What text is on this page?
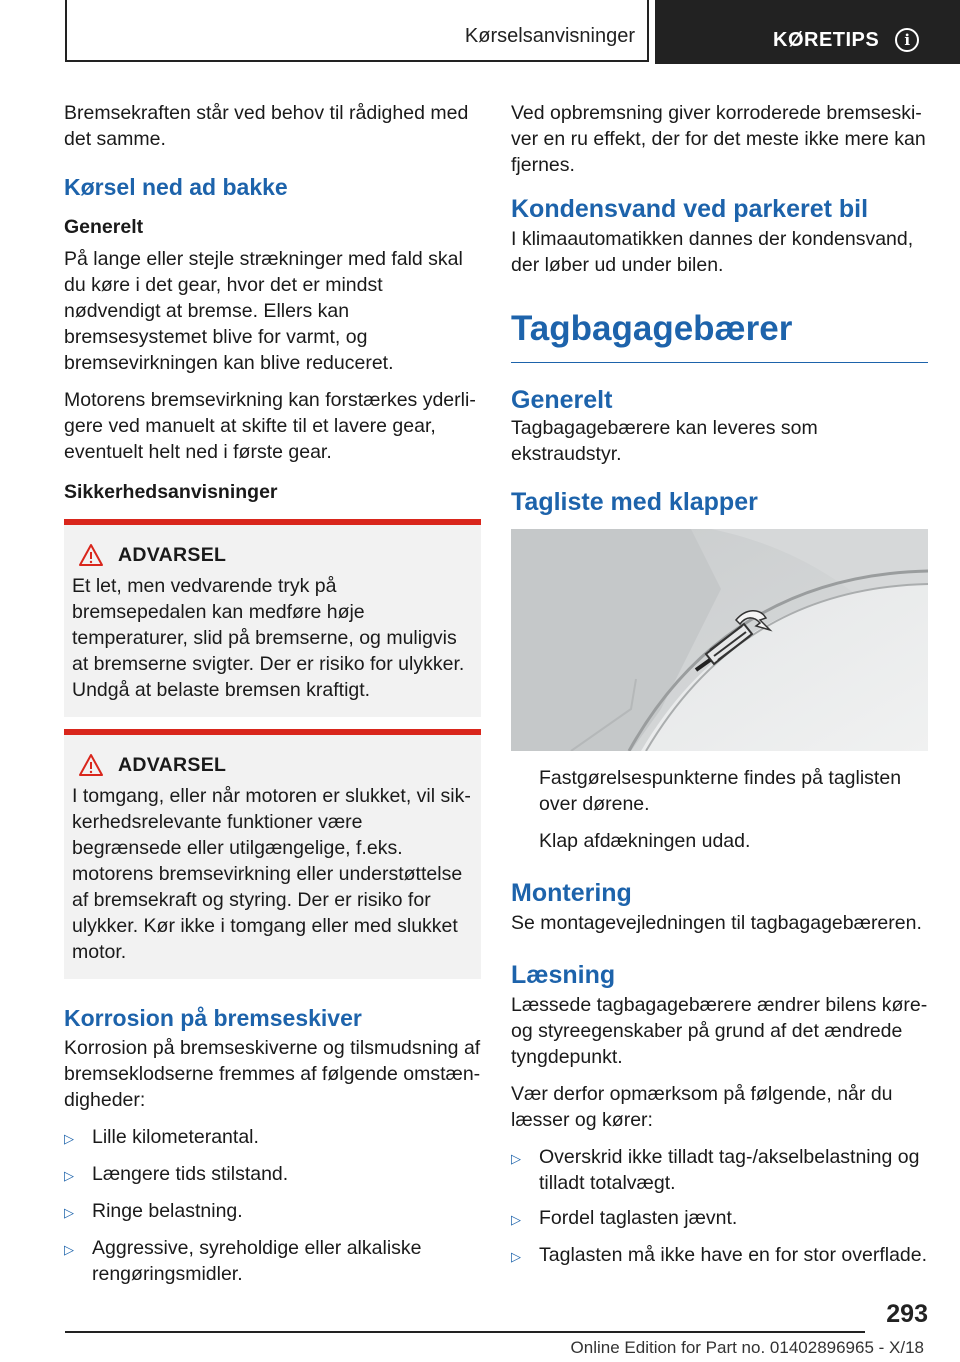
Kørselsanvisninger	KØRETIPS	i

Bremsekraften står ved behov til rådighed med det samme.

Kørsel ned ad bakke
Generelt

På lange eller stejle strækninger med fald skal du køre i det gear, hvor det er mindst nødvendigt at bremse. Ellers kan bremsesystemet blive for varmt, og bremsevirkningen kan blive reduceret.

Motorens bremsevirkning kan forstærkes yderligere ved manuelt at skifte til et lavere gear, eventuelt helt ned i første gear.

Sikkerhedsanvisninger
ADVARSEL

Et let, men vedvarende tryk på bremsepedalen kan medføre høje temperaturer, slid på bremserne, og muligvis at bremserne svigter. Der er risiko for ulykker. Undgå at belaste bremsen kraftigt.

ADVARSEL

I tomgang, eller når motoren er slukket, vil sikkerhedsrelevante funktioner være begrænsede eller utilgængelige, f.eks. motorens bremsevirkning eller understøttelse af bremsekraft og styring. Der er risiko for ulykker. Kør ikke i tomgang eller med slukket motor.

Korrosion på bremseskiver

Korrosion på bremseskiverne og tilsmudsning af bremseklodserne fremmes af følgende omstændigheder:

▷ Lille kilometerantal.
▷ Længere tids stilstand.
▷ Ringe belastning.
▷ Aggressive, syreholdige eller alkaliske rengøringsmidler.

Ved opbremsning giver korroderede bremseskiver en ru effekt, der for det meste ikke mere kan fjernes.

Kondensvand ved parkeret bil

I klimaautomatikken dannes der kondensvand, der løber ud under bilen.

Tagbagagebærer
Generelt

Tagbagagebærere kan leveres som ekstraudstyr.

Tagliste med klapper

Fastgørelsespunkterne findes på taglisten over dørene.

Klap afdækningen udad.

Montering

Se montagevejledningen til tagbagagebæreren.

Læsning

Læssede tagbagagebærere ændrer bilens køre- og styreegenskaber på grund af det ændrede tyngdepunkt.

Vær derfor opmærksom på følgende, når du læsser og kører:

▷ Overskrid ikke tilladt tag-/akselbelastning og tilladt totalvægt.
▷ Fordel taglasten jævnt.
▷ Taglasten må ikke have en for stor overflade.
293
Online Edition for Part no. 01402896965 - X/18
